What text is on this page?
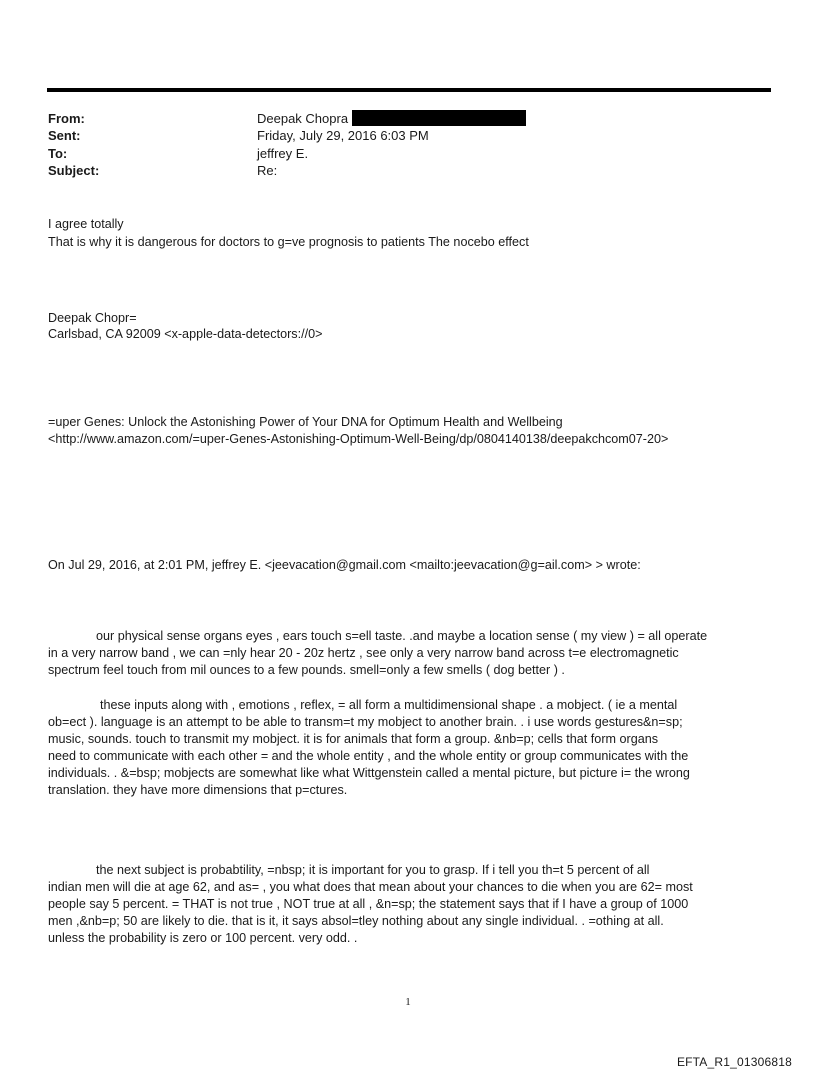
From:	Deepak Chopra
Sent:	Friday, July 29, 2016 6:03 PM
To:	jeffrey E.
Subject:	Re:
I agree totally
That is why it is dangerous for doctors to g=ve prognosis to patients The nocebo effect
Deepak Chopr=
Carlsbad, CA 92009 <x-apple-data-detectors://0>
=uper Genes: Unlock the Astonishing Power of Your DNA for Optimum Health and Wellbeing
<http://www.amazon.com/=uper-Genes-Astonishing-Optimum-Well-Being/dp/0804140138/deepakchcom07-20>
On Jul 29, 2016, at 2:01 PM, jeffrey E. <jeevacation@gmail.com <mailto:jeevacation@g=ail.com> > wrote:
our physical sense organs eyes , ears touch s=ell taste. .and maybe a location sense ( my view ) = all operate
in a very narrow band , we can =nly hear 20 - 20z hertz , see only a very narrow band across t=e electromagnetic
spectrum feel touch from mil ounces to a few pounds. smell=only a few smells ( dog better ) .
these inputs along with , emotions , reflex, = all form a multidimensional shape . a mobject. ( ie a mental
ob=ect ). language is an attempt to be able to transm=t my mobject to another brain. . i use words gestures&n=sp;
music, sounds. touch to transmit my mobject. it is for animals that form a group. &nb=p; cells that form organs
need to communicate with each other = and the whole entity , and the whole entity or group communicates with the
individuals. . &=bsp; mobjects are somewhat like what Wittgenstein called a mental picture, but picture i= the wrong
translation. they have more dimensions that p=ctures.
the next subject is probabtility, =nbsp; it is important for you to grasp. If i tell you th=t 5 percent of all
indian men will die at age 62, and as= , you what does that mean about your chances to die when you are 62= most
people say 5 percent. = THAT is not true , NOT true at all , &n=sp; the statement says that if I have a group of 1000
men ,&nb=p; 50 are likely to die. that is it, it says absol=tley nothing about any single individual. . =othing at all.
unless the probability is zero or 100 percent. very odd. .
1
EFTA_R1_01306818
